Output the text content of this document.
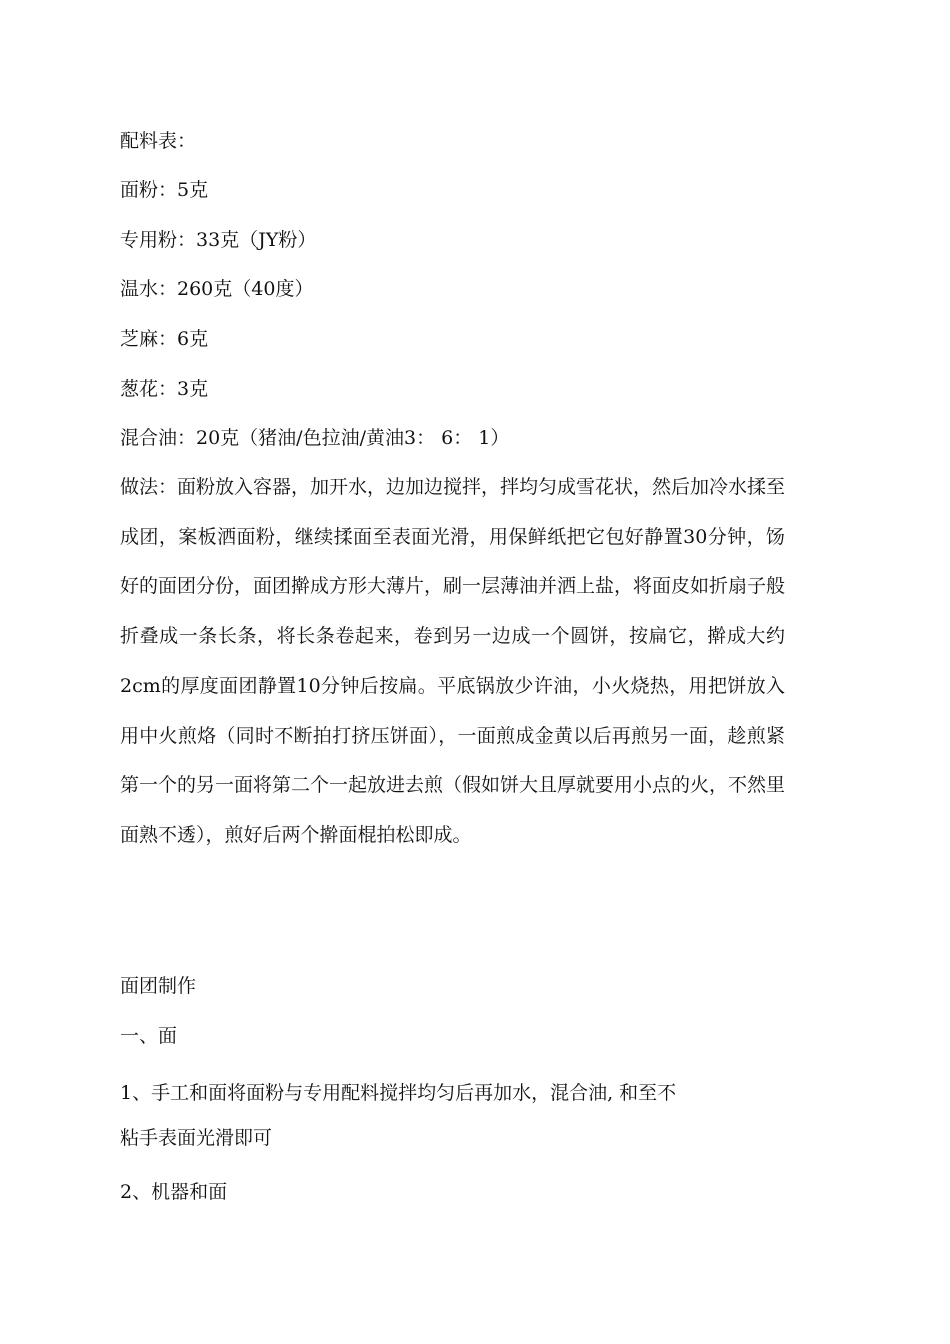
配料表：

面粉：5克

专用粉：33克（JY粉）

温水：260克（40度）

芝麻：6克

葱花：3克

混合油：20克（猪油/色拉油/黄油3： 6： 1）

做法：面粉放入容器，加开水，边加边搅拌，拌均匀成雪花状，然后加冷水揉至成团，案板洒面粉，继续揉面至表面光滑，用保鲜纸把它包好静置30分钟，饧好的面团分份，面团擀成方形大薄片，刷一层薄油并洒上盐，将面皮如折扇子般折叠成一条长条，将长条卷起来，卷到另一边成一个圆饼，按扁它，擀成大约2cm的厚度面团静置10分钟后按扁。平底锅放少许油，小火烧热，用把饼放入用中火煎烙（同时不断拍打挤压饼面），一面煎成金黄以后再煎另一面，趁煎紧第一个的另一面将第二个一起放进去煎（假如饼大且厚就要用小点的火，不然里面熟不透），煎好后两个擀面棍拍松即成。

面团制作

一、面

1、手工和面将面粉与专用配料搅拌均匀后再加水，混合油, 和至不

粘手表面光滑即可

2、机器和面
